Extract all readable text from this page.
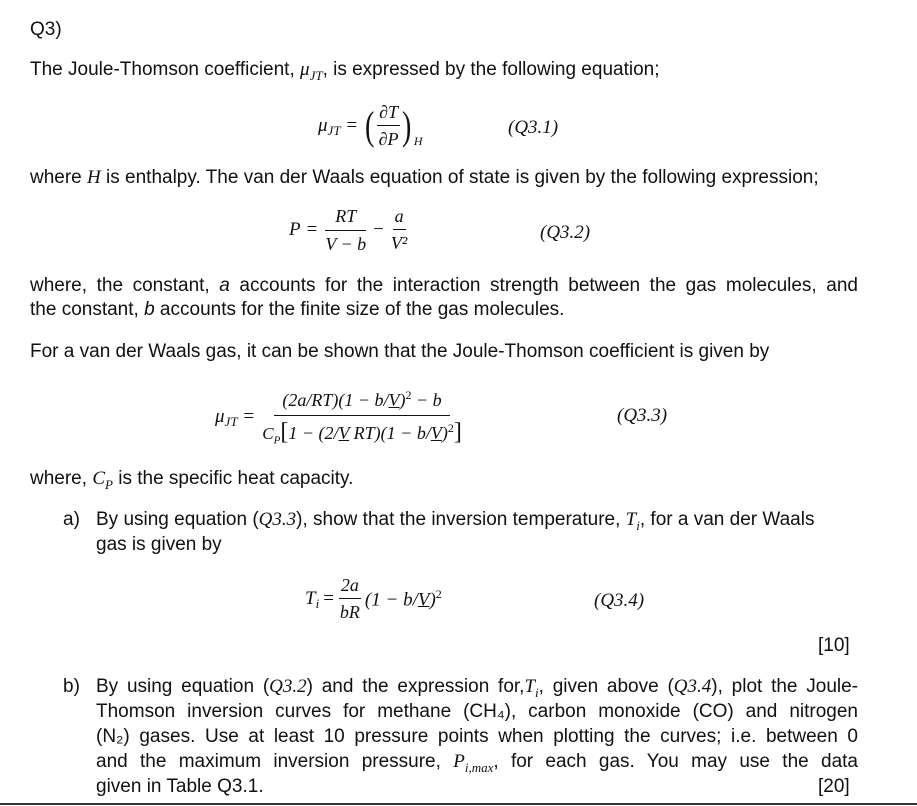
Q3)
The Joule-Thomson coefficient, $\mu_{JT}$, is expressed by the following equation;
$\mu_{JT}$ = ( $\frac{\partial T}{\partial P}$ ) H
(Q3.1)
where H is enthalpy. The van der Waals equation of state is given by the following expression;
$P = \frac{RT}{V - b} - \frac{a}{\text{V²}}$	(Q3.2)
where, the constant, a accounts for the interaction strength between the gas molecules, and
the constant, b accounts for the finite size of the gas molecules.
For a van der Waals gas, it can be shown that the Joule-Thomson coefficient is given by
$\mu_{JT} = \frac{(2a/RT)(1 - b/V)^2 - b}{C_P[1 - (2/V RT)(1 - b/V)^2]}$	(Q3.3)
where, $C_P$ is the specific heat capacity.
a) By using equation (Q3.3), show that the inversion temperature, $T_i$, for a van der Waals
gas is given by
$T_i = \frac{2a}{bR} (1 - b/V)^2$	(Q3.4)
[10]
b) By using equation (Q3.2) and the expression $for,T_i$, given above (Q3.4), plot the Joule-
Thomson inversion curves for methane (CH₄), carbon monoxide (CO) and nitrogen
(N₂) gases. Use at least 10 pressure points when plotting the curves; i.e. between 0
and the maximum inversion pressure, $P_{i,max}$, for each gas. You may use the data
given in Table Q3.1.	[20]
